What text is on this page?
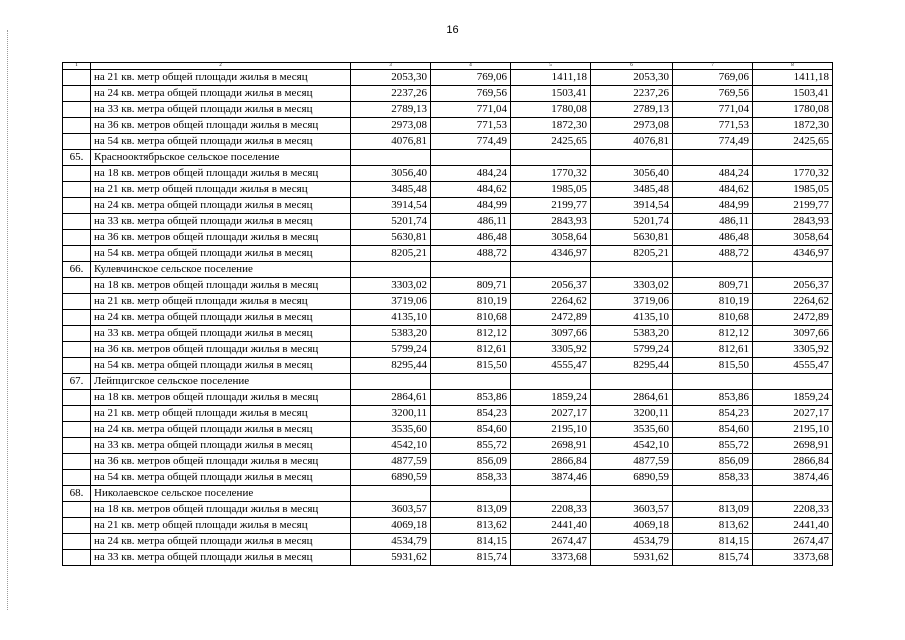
16
1	2	3	4	5	6	7	8
	на 21 кв. метр общей площади жилья в месяц	2053,30	769,06	1411,18	2053,30	769,06	1411,18
	на 24 кв. метра общей площади жилья в месяц	2237,26	769,56	1503,41	2237,26	769,56	1503,41
	на 33 кв. метра общей площади жилья в месяц	2789,13	771,04	1780,08	2789,13	771,04	1780,08
	на 36 кв. метров общей площади жилья в месяц	2973,08	771,53	1872,30	2973,08	771,53	1872,30
	на 54 кв. метра общей площади жилья в месяц	4076,81	774,49	2425,65	4076,81	774,49	2425,65
65.	Краснооктябрьское сельское поселение						
	на 18 кв. метров общей площади жилья в месяц	3056,40	484,24	1770,32	3056,40	484,24	1770,32
	на 21 кв. метр общей площади жилья в месяц	3485,48	484,62	1985,05	3485,48	484,62	1985,05
	на 24 кв. метра общей площади жилья в месяц	3914,54	484,99	2199,77	3914,54	484,99	2199,77
	на 33 кв. метра общей площади жилья в месяц	5201,74	486,11	2843,93	5201,74	486,11	2843,93
	на 36 кв. метров общей площади жилья в месяц	5630,81	486,48	3058,64	5630,81	486,48	3058,64
	на 54 кв. метра общей площади жилья в месяц	8205,21	488,72	4346,97	8205,21	488,72	4346,97
66.	Кулевчинское сельское поселение						
	на 18 кв. метров общей площади жилья в месяц	3303,02	809,71	2056,37	3303,02	809,71	2056,37
	на 21 кв. метр общей площади жилья в месяц	3719,06	810,19	2264,62	3719,06	810,19	2264,62
	на 24 кв. метра общей площади жилья в месяц	4135,10	810,68	2472,89	4135,10	810,68	2472,89
	на 33 кв. метра общей площади жилья в месяц	5383,20	812,12	3097,66	5383,20	812,12	3097,66
	на 36 кв. метров общей площади жилья в месяц	5799,24	812,61	3305,92	5799,24	812,61	3305,92
	на 54 кв. метра общей площади жилья в месяц	8295,44	815,50	4555,47	8295,44	815,50	4555,47
67.	Лейпцигское сельское поселение						
	на 18 кв. метров общей площади жилья в месяц	2864,61	853,86	1859,24	2864,61	853,86	1859,24
	на 21 кв. метр общей площади жилья в месяц	3200,11	854,23	2027,17	3200,11	854,23	2027,17
	на 24 кв. метра общей площади жилья в месяц	3535,60	854,60	2195,10	3535,60	854,60	2195,10
	на 33 кв. метра общей площади жилья в месяц	4542,10	855,72	2698,91	4542,10	855,72	2698,91
	на 36 кв. метров общей площади жилья в месяц	4877,59	856,09	2866,84	4877,59	856,09	2866,84
	на 54 кв. метра общей площади жилья в месяц	6890,59	858,33	3874,46	6890,59	858,33	3874,46
68.	Николаевское сельское поселение						
	на 18 кв. метров общей площади жилья в месяц	3603,57	813,09	2208,33	3603,57	813,09	2208,33
	на 21 кв. метр общей площади жилья в месяц	4069,18	813,62	2441,40	4069,18	813,62	2441,40
	на 24 кв. метра общей площади жилья в месяц	4534,79	814,15	2674,47	4534,79	814,15	2674,47
	на 33 кв. метра общей площади жилья в месяц	5931,62	815,74	3373,68	5931,62	815,74	3373,68
